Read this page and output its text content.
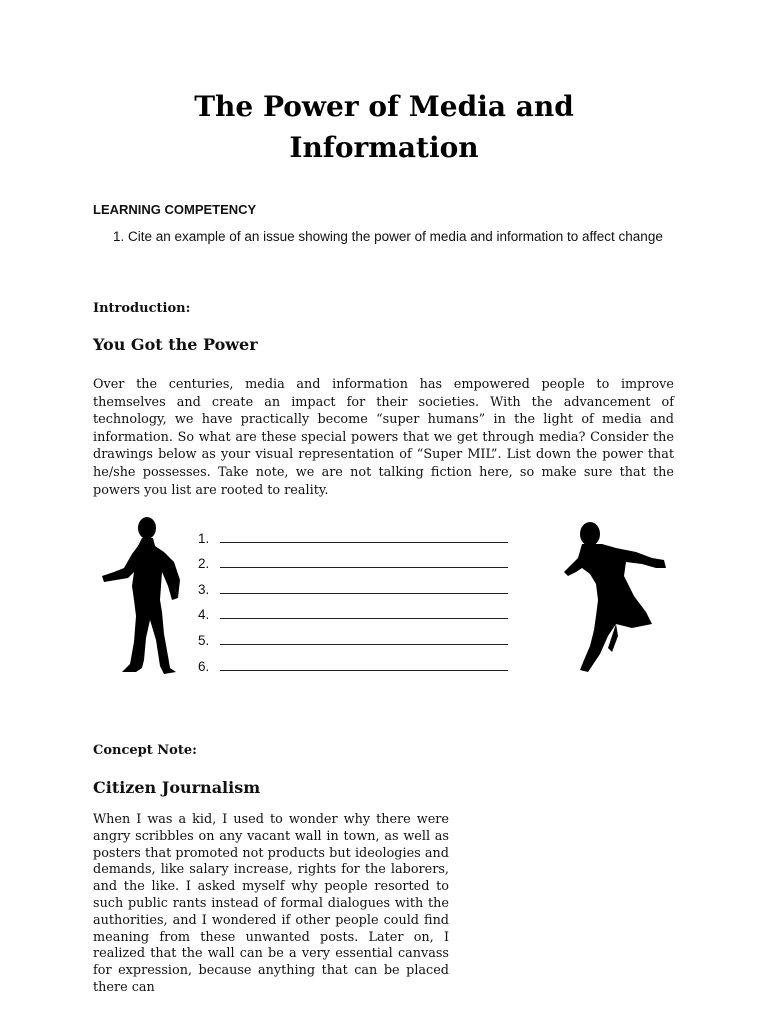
The Power of Media and
Information
LEARNING COMPETENCY
1. Cite an example of an issue showing the power of media and information to affect change
Introduction:
You Got the Power
Over the centuries, media and information has empowered people to improve themselves and create an impact for their societies. With the advancement of technology, we have practically become “super humans” in the light of media and information. So what are these special powers that we get through media? Consider the drawings below as your visual representation of “Super MIL”. List down the power that he/she possesses. Take note, we are not talking fiction here, so make sure that the powers you list are rooted to reality.
1.
2.
3.
4.
5.
6.
Concept Note:
Citizen Journalism
When I was a kid, I used to wonder why there were angry scribbles on any vacant wall in town, as well as posters that promoted not products but ideologies and demands, like salary increase, rights for the laborers, and the like. I asked myself why people resorted to such public rants instead of formal dialogues with the authorities, and I wondered if other people could find meaning from these unwanted posts. Later on, I realized that the wall can be a very essential canvass for expression, because anything that can be placed there can
